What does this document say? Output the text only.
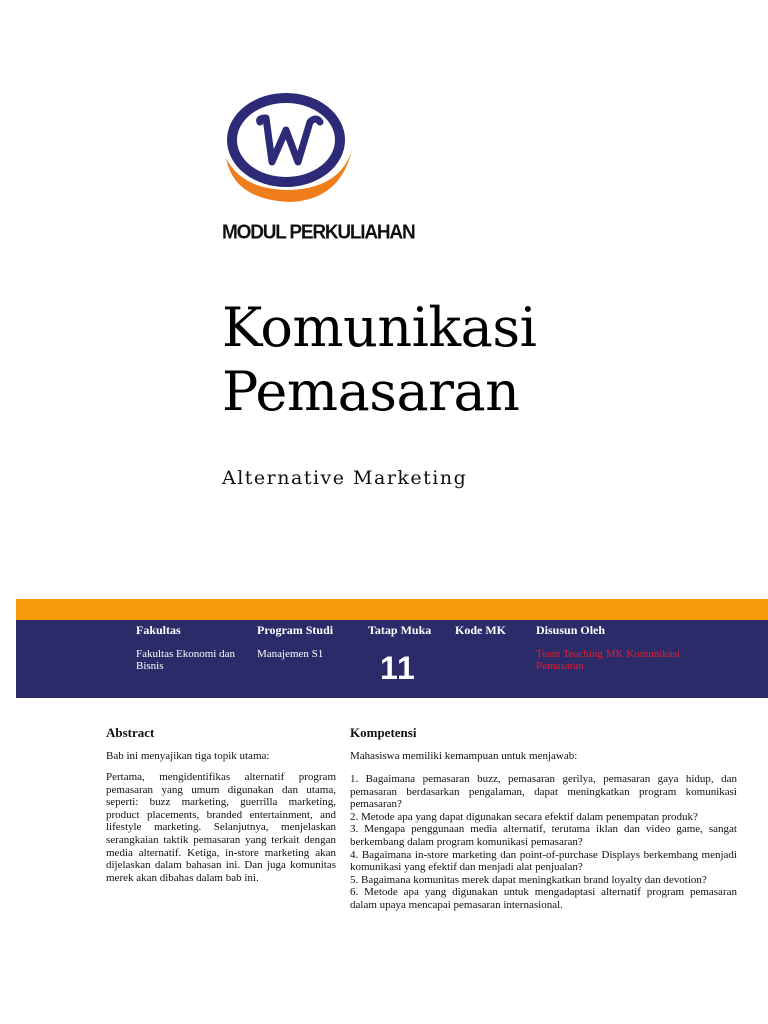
MODUL PERKULIAHAN
Komunikasi
Pemasaran
Alternative Marketing
Fakultas
Fakultas Ekonomi dan Bisnis
Program Studi
Manajemen S1
Tatap Muka
11
Kode MK	Disusun Oleh
Team Teaching MK Komunikasi Pemasaran
Abstract
Bab ini menyajikan tiga topik utama:
Pertama, mengidentifikas alternatif program pemasaran yang umum digunakan dan utama, seperti: buzz marketing, guerrilla marketing, product placements, branded entertainment, and lifestyle marketing. Selanjutnya, menjelaskan serangkaian taktik pemasaran yang terkait dengan media alternatif. Ketiga, in-store marketing akan dijelaskan dalam bahasan ini. Dan juga komunitas merek akan dibahas dalam bab ini.
Kompetensi
Mahasiswa memiliki kemampuan untuk menjawab:
1. Bagaimana pemasaran buzz, pemasaran gerilya, pemasaran gaya hidup, dan pemasaran berdasarkan pengalaman, dapat meningkatkan program komunikasi pemasaran?
2. Metode apa yang dapat digunakan secara efektif dalam penempatan produk?
3. Mengapa penggunaan media alternatif, terutama iklan dan video game, sangat berkembang dalam program komunikasi pemasaran?
4. Bagaimana in-store marketing dan point-of-purchase Displays berkembang menjadi komunikasi yang efektif dan menjadi alat penjualan?
5. Bagaimana komunitas merek dapat meningkatkan brand loyalty dan devotion?
6. Metode apa yang digunakan untuk mengadaptasi alternatif program pemasaran dalam upaya mencapai pemasaran internasional.
